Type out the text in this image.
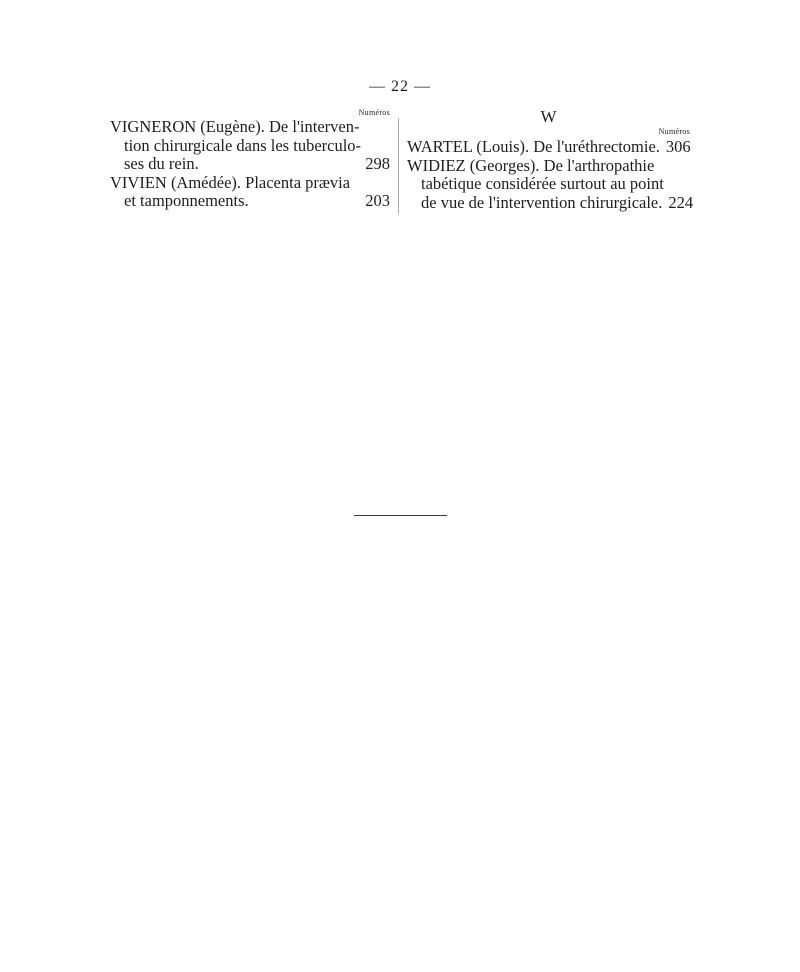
— 22 —
Numéros
VIGNERON (Eugène). De l'interven-
tion chirurgicale dans les tuberculo-
ses du rein.	298
VIVIEN (Amédée). Placenta prævia
et tamponnements.	203
W
Numéros
WARTEL (Louis). De l'uréthrectomie. 306
WIDIEZ (Georges). De l'arthropathie
tabétique considérée surtout au point
de vue de l'intervention chirurgicale. 224
